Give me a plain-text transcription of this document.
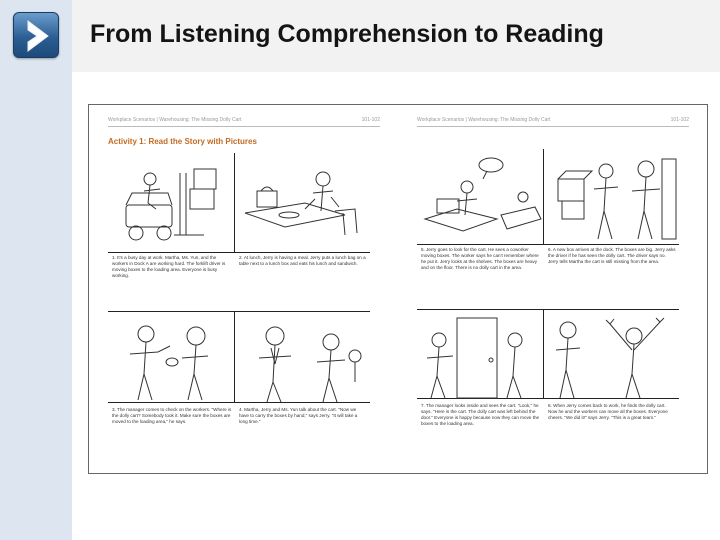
From Listening Comprehension to Reading
Workplace Scenarios | Warehousing: The Missing Dolly Cart	101-102
Activity 1: Read the Story with Pictures
1. It's a busy day at work. Martha, Ms. Yun, and the workers in Dock A are working hard. The forklift driver is moving boxes to the loading area. Everyone is busy working.
2. At lunch, Jerry is having a meal. Jerry puts a lunch bag on a table next to a lunch box and eats his lunch and sandwich.
3. The manager comes to check on the workers. "Where is the dolly cart? Somebody took it. Make sure the boxes are moved to the loading area," he says.
4. Martha, Jerry and Ms. Yun talk about the cart. "Now we have to carry the boxes by hand," says Jerry. "It will take a long time."
Workplace Scenarios | Warehousing: The Missing Dolly Cart	101-102
5. Jerry goes to look for the cart. He sees a coworker moving boxes. The worker says he can't remember where he put it. Jerry looks at the shelves. The boxes are heavy and on the floor. There is no dolly cart in the area.
6. A new box arrives at the dock. The boxes are big. Jerry asks the driver if he has seen the dolly cart. The driver says no. Jerry tells Martha the cart is still missing from the area.
7. The manager looks inside and sees the cart. "Look," he says. "Here is the cart. The dolly cart was left behind the door." Everyone is happy because now they can move the boxes to the loading area.
8. When Jerry comes back to work, he finds the dolly cart. Now he and the workers can move all the boxes. Everyone cheers. "We did it!" says Jerry. "This is a great team."
